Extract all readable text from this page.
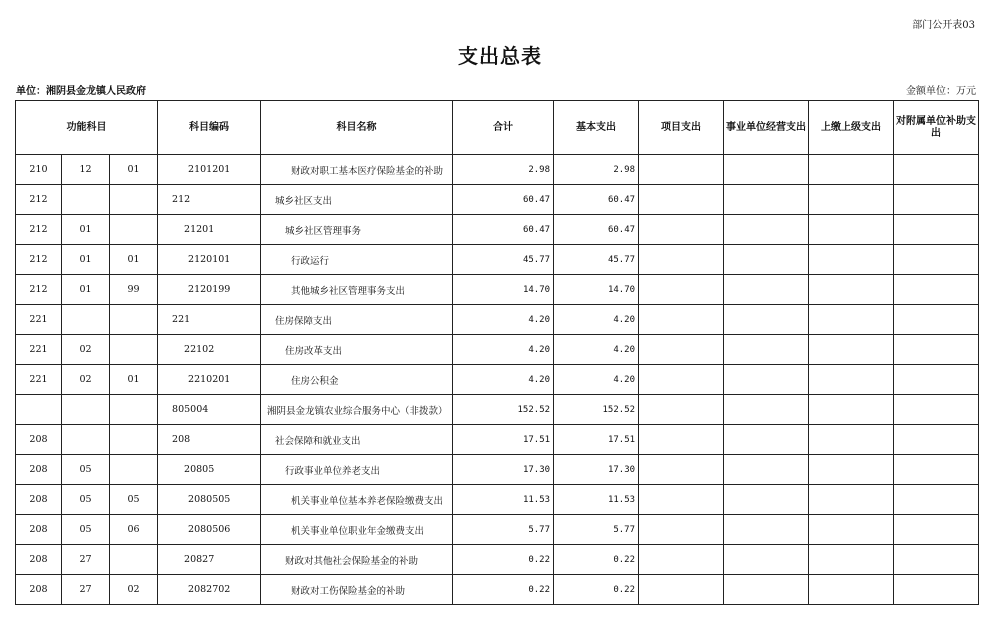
部门公开表03
支出总表
单位：湘阴县金龙镇人民政府	金额单位：万元
功能科目			科目编码	科目名称	合计	基本支出	项目支出	事业单位经营支出	上缴上级支出	对附属单位补助支出
210	12	01	2101201	财政对职工基本医疗保险基金的补助	2.98	2.98				
212			212	城乡社区支出	60.47	60.47				
212	01		21201	城乡社区管理事务	60.47	60.47				
212	01	01	2120101	行政运行	45.77	45.77				
212	01	99	2120199	其他城乡社区管理事务支出	14.70	14.70				
221			221	住房保障支出	4.20	4.20				
221	02		22102	住房改革支出	4.20	4.20				
221	02	01	2210201	住房公积金	4.20	4.20				
			805004	湘阴县金龙镇农业综合服务中心（非拨款）	152.52	152.52				
208			208	社会保障和就业支出	17.51	17.51				
208	05		20805	行政事业单位养老支出	17.30	17.30				
208	05	05	2080505	机关事业单位基本养老保险缴费支出	11.53	11.53				
208	05	06	2080506	机关事业单位职业年金缴费支出	5.77	5.77				
208	27		20827	财政对其他社会保险基金的补助	0.22	0.22				
208	27	02	2082702	财政对工伤保险基金的补助	0.22	0.22				
